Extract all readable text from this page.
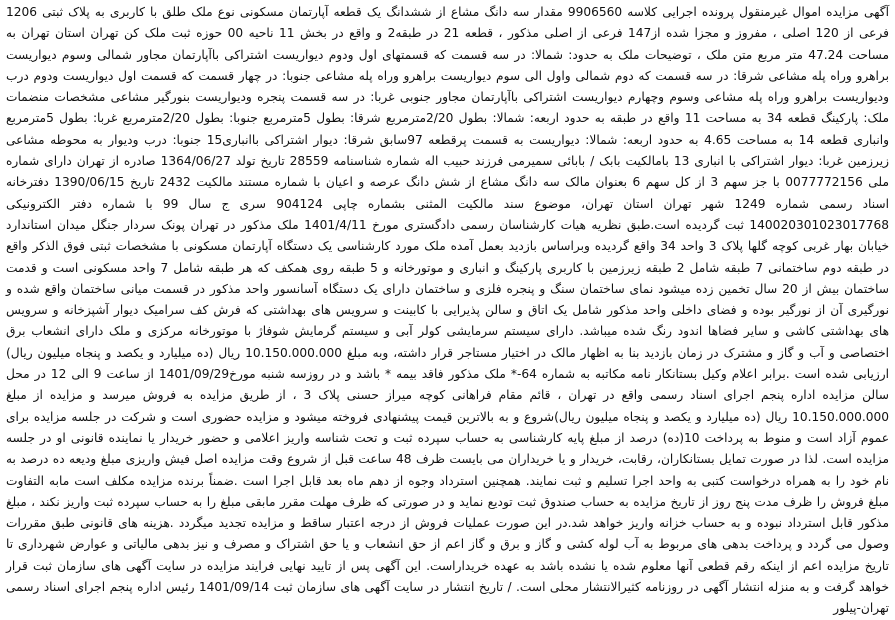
آگهی مزایده اموال غیرمنقول پرونده اجرایی کلاسه 9906560 مقدار سه دانگ مشاع از ششدانگ یک قطعه آپارتمان مسکونی نوع ملک طلق با کاربری به پلاک ثبتی 1206 فرعی از 120 اصلی ، مفروز و مجزا شده از147 فرعی از اصلی مذکور ، قطعه 21 در طبقه2 و واقع در بخش 11 ناحیه 00 حوزه ثبت ملک کن تهران استان تهران به مساحت 47.24 متر مربع متن ملک ، توضیحات ملک به حدود: شمالا: در سه قسمت که قسمتهای اول ودوم دیواریست اشتراکی باآپارتمان مجاور شمالی وسوم دیواریست براهرو وراه پله مشاعی شرقا: در سه قسمت که دوم شمالی واول الی سوم دیواریست براهرو وراه پله مشاعی جنوبا: در چهار قسمت که قسمت اول دیواریست ودوم درب ودیواریست براهرو وراه پله مشاعی وسوم وچهارم دیواریست اشتراکی باآپارتمان مجاور جنوبی غربا: در سه قسمت پنجره ودیواریست بنورگیر مشاعی مشخصات منضمات ملک: پارکینگ قطعه 34 به مساحت 11 واقع در طبقه به حدود اربعه: شمالا: بطول 2/20مترمربع شرقا: بطول 5مترمربع جنوبا: بطول 2/20مترمربع غربا: بطول 5مترمربع وانباری قطعه 14 به مساحت 4.65 به حدود اربعه: شمالا: دیواریست به قسمت پرقطعه 97سابق شرقا: دیوار اشتراکی باانباری15 جنوبا: درب ودیوار به محوطه مشاعی زیرزمین غربا: دیوار اشتراکی با انباری 13 بامالکیت بابک / بابائی سمیرمی فرزند حبیب اله شماره شناسنامه 28559 تاریخ تولد 1364/06/27 صادره از تهران دارای شماره ملی 0077772156 با جز سهم 3 از کل سهم 6 بعنوان مالک سه دانگ مشاع از شش دانگ عرصه و اعیان با شماره مستند مالکیت 2432 تاریخ 1390/06/15 دفترخانه اسناد رسمی شماره 1249 شهر تهران استان تهران، موضوع سند مالکیت المثنی بشماره چاپی 904124 سری ج سال 99 با شماره دفتر الکترونیکی 140020301023017768 ثبت گردیده است.طبق نظریه هیات کارشناسان رسمی دادگستری مورخ 1401/4/11 ملک مذکور در تهران پونک سردار جنگل میدان استاندارد خیابان بهار غربی کوچه گلها پلاک 3 واحد 34 واقع گردیده وبراساس بازدید بعمل آمده ملک مورد کارشناسی یک دستگاه آپارتمان مسکونی با مشخصات ثبتی فوق الذکر واقع در طبقه دوم ساختمانی 7 طبقه شامل 2 طبقه زیرزمین با کاربری پارکینگ و انباری و موتورخانه و 5 طبقه روی همکف که هر طبقه شامل 7 واحد مسکونی است و قدمت ساختمان بیش از 20 سال تخمین زده میشود نمای ساختمان سنگ و پنجره فلزی و ساختمان دارای یک دستگاه آسانسور واحد مذکور در قسمت میانی ساختمان واقع شده و نورگیری آن از نورگیر بوده و فضای داخلی واحد مذکور شامل یک اتاق و سالن پذیرایی با کابینت و سرویس های بهداشتی که فرش کف سرامیک دیوار آشپزخانه و سرویس های بهداشتی کاشی و سایر فضاها اندود رنگ شده میباشد. دارای سیستم سرمایشی کولر آبی و سیستم گرمایش شوفاژ با موتورخانه مرکزی و ملک دارای انشعاب برق اختصاصی و آب و گاز و مشترک در زمان بازدید بنا به اظهار مالک در اختیار مستاجر قرار داشته، وبه مبلغ 10.150.000.000 ریال (ده میلیارد و یکصد و پنجاه میلیون ریال) ارزیابی شده است .برابر اعلام وکیل بستانکار نامه مکاتبه به شماره 64-* ملک مذکور فاقد بیمه * باشد و در روزسه شنبه مورخ1401/09/29 از ساعت 9 الی 12 در محل سالن مزایده اداره پنجم اجرای اسناد رسمی واقع در تهران ، قائم مقام فراهانی کوچه میراز حسنی پلاک 3 ، از طریق مزایده به فروش میرسد و مزایده از مبلغ 10.150.000.000 ریال (ده میلیارد و یکصد و پنجاه میلیون ریال)شروع و به بالاترین قیمت پیشنهادی فروخته میشود و مزایده حضوری است و شرکت در جلسه مزایده برای عموم آزاد است و منوط به پرداخت 10(ده) درصد از مبلغ پایه کارشناسی به حساب سپرده ثبت و تحت شناسه واریز اعلامی و حضور خریدار یا نماینده قانونی او در جلسه مزایده است. لذا در صورت تمایل بستانکاران، رقابت، خریدار و یا خریداران می بایست ظرف 48 ساعت قبل از شروع وقت مزایده اصل فیش واریزی مبلغ ودیعه ده درصد به نام خود را به همراه درخواست کتبی به واحد اجرا تسلیم و ثبت نمایند. همچنین استرداد وجوه از دهم ماه بعد قابل اجرا است .ضمناً برنده مزایده مکلف است مابه التفاوت مبلغ فروش را ظرف مدت پنج روز از تاریخ مزایده به حساب صندوق ثبت تودیع نماید و در صورتی که ظرف مهلت مقرر مابقی مبلغ را به حساب سپرده ثبت واریز نکند ، مبلغ مذکور قابل استرداد نبوده و به حساب خزانه واریز خواهد شد.در این صورت عملیات فروش از درجه اعتبار ساقط و مزایده تجدید میگردد .هزینه های قانونی طبق مقررات وصول می گردد و پرداخت بدهی های مربوط به آب لوله کشی و گاز و برق و گاز اعم از حق انشعاب و یا حق اشتراک و مصرف و نیز بدهی مالیاتی و عوارض شهرداری تا تاریخ مزایده اعم از اینکه رقم قطعی آنها معلوم شده یا نشده باشد به عهده خریداراست. این آگهی پس از تایید نهایی فرایند مزایده در سایت آگهی های سازمان ثبت قرار خواهد گرفت و به منزله انتشار آگهی در روزنامه کثیرالانتشار محلی است. / تاریخ انتشار در سایت آگهی های سازمان ثبت 1401/09/14 رئیس اداره پنجم اجرای اسناد رسمی تهران-پیلور
